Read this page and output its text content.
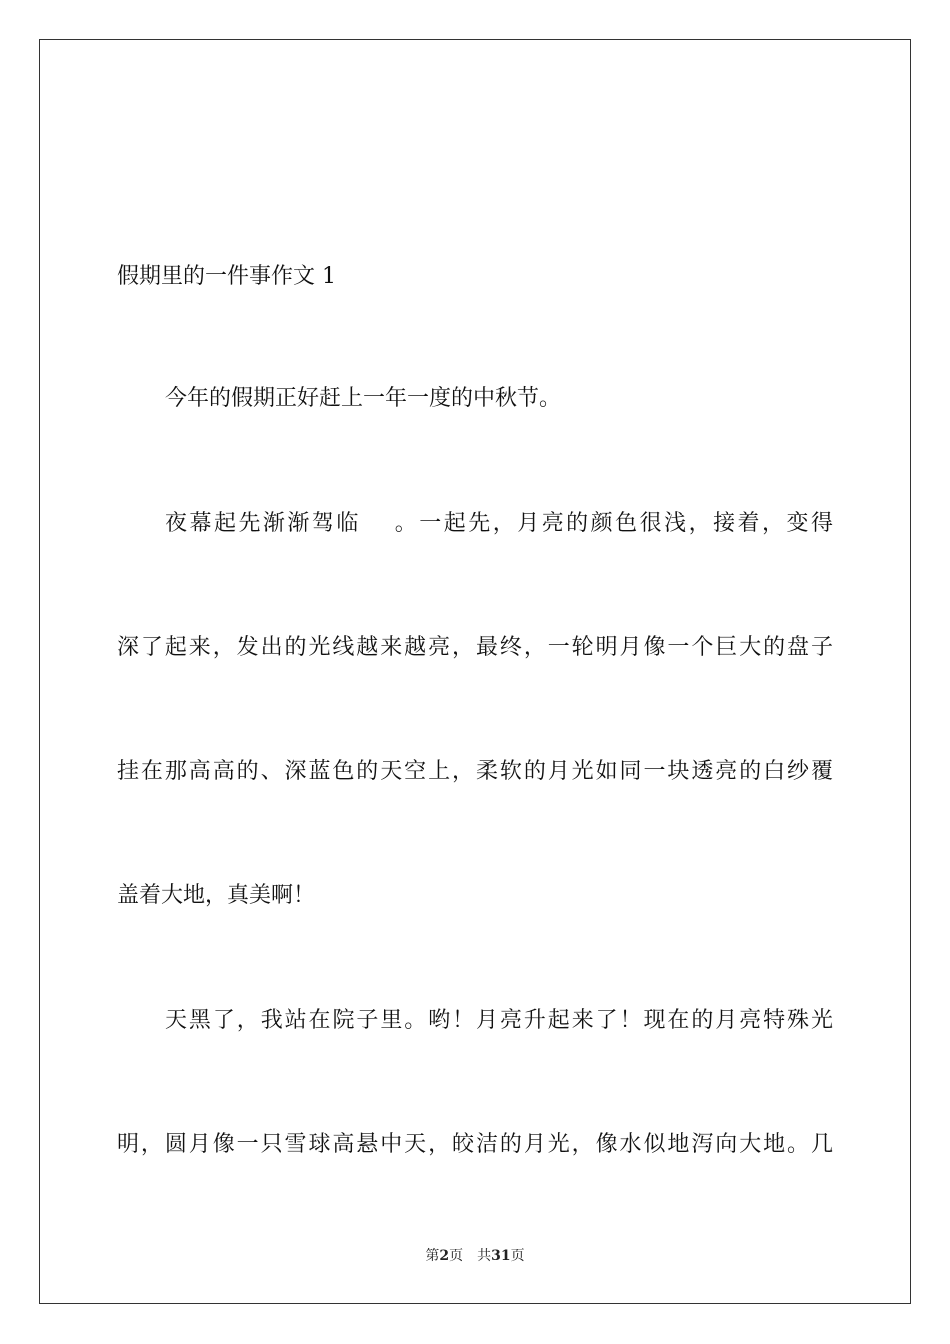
假期里的一件事作文 1
今年的假期正好赶上一年一度的中秋节。
夜幕起先渐渐驾临 　。一起先，月亮的颜色很浅，接着，变得
深了起来，发出的光线越来越亮，最终，一轮明月像一个巨大的盘子
挂在那高高的、深蓝色的天空上，柔软的月光如同一块透亮的白纱覆
盖着大地，真美啊！
天黑了，我站在院子里。哟！月亮升起来了！现在的月亮特殊光
明，圆月像一只雪球高悬中天，皎洁的月光，像水似地泻向大地。几
第2页 共31页
